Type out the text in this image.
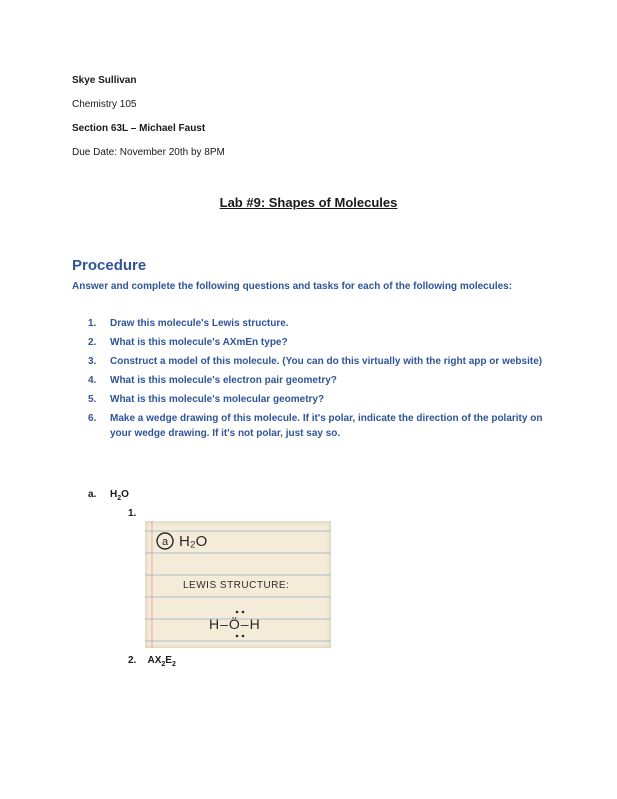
Skye Sullivan
Chemistry 105
Section 63L – Michael Faust
Due Date: November 20th by 8PM
Lab #9: Shapes of Molecules
Procedure
Answer and complete the following questions and tasks for each of the following molecules:
1. Draw this molecule's Lewis structure.
2. What is this molecule's AXmEn type?
3. Construct a model of this molecule. (You can do this virtually with the right app or website)
4. What is this molecule's electron pair geometry?
5. What is this molecule's molecular geometry?
6. Make a wedge drawing of this molecule. If it's polar, indicate the direction of the polarity on your wedge drawing. If it's not polar, just say so.
a. $H_2O$
1.
a H₂O
LEWIS STRUCTURE:
H–Ö–H
2. $AX_2E_2$
